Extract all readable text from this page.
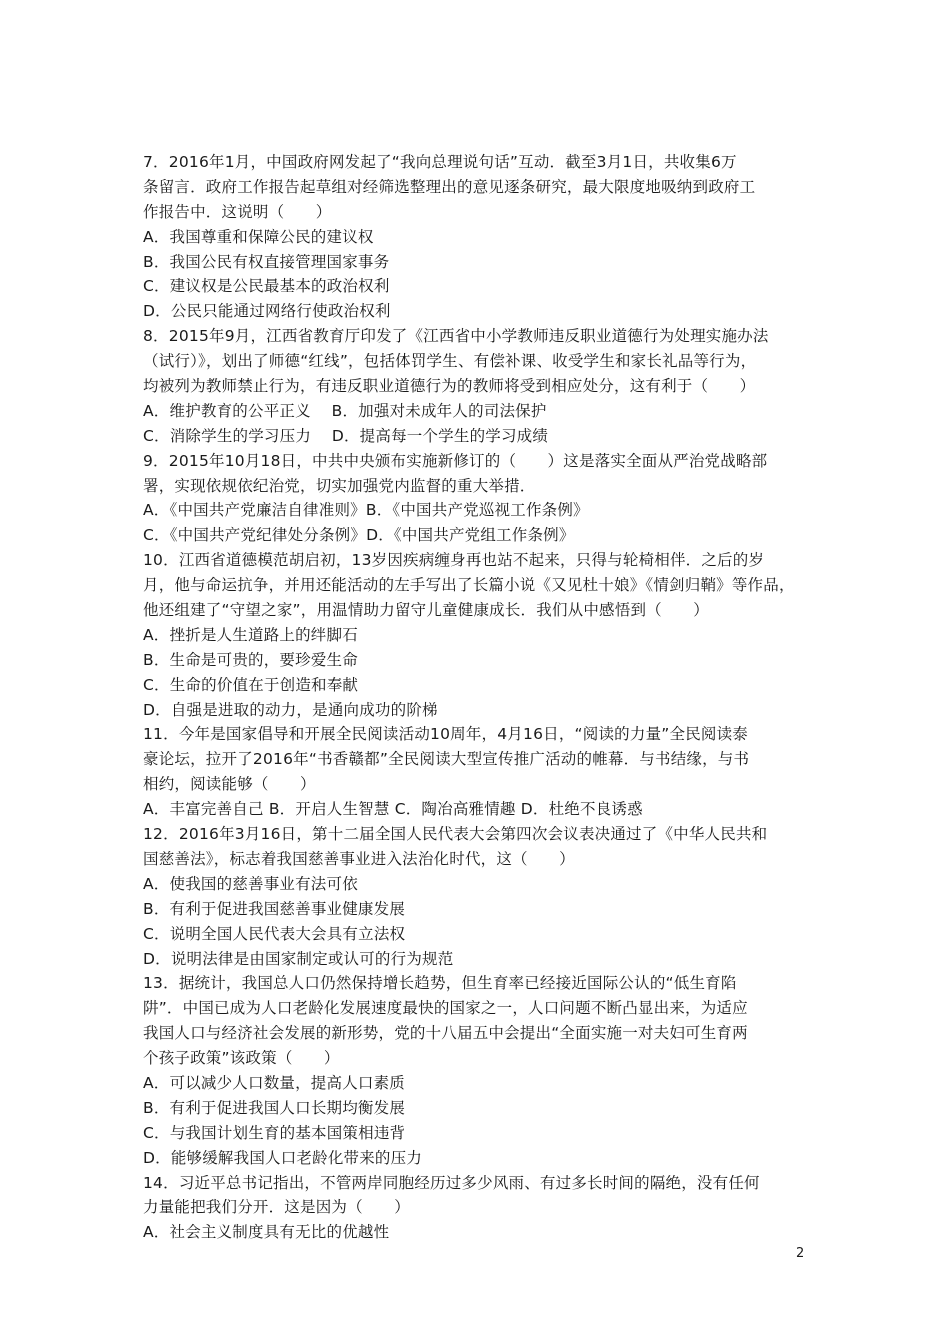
7．2016年1月，中国政府网发起了“我向总理说句话”互动．截至3月1日，共收集6万
条留言．政府工作报告起草组对经筛选整理出的意见逐条研究，最大限度地吸纳到政府工
作报告中．这说明（　　）
A．我国尊重和保障公民的建议权
B．我国公民有权直接管理国家事务
C．建议权是公民最基本的政治权利
D．公民只能通过网络行使政治权利
8．2015年9月，江西省教育厅印发了《江西省中小学教师违反职业道德行为处理实施办法
（试行）》，划出了师德“红线”，包括体罚学生、有偿补课、收受学生和家长礼品等行为，
均被列为教师禁止行为，有违反职业道德行为的教师将受到相应处分，这有利于（　　）
A．维护教育的公平正义　 B．加强对未成年人的司法保护
C．消除学生的学习压力　 D．提高每一个学生的学习成绩
9．2015年10月18日，中共中央颁布实施新修订的（　　）这是落实全面从严治党战略部
署，实现依规依纪治党，切实加强党内监督的重大举措．
A．《中国共产党廉洁自律准则》B．《中国共产党巡视工作条例》
C．《中国共产党纪律处分条例》D．《中国共产党组工作条例》
10．江西省道德模范胡启初，13岁因疾病缠身再也站不起来，只得与轮椅相伴．之后的岁
月，他与命运抗争，并用还能活动的左手写出了长篇小说《又见杜十娘》《情剑归鞘》等作品，
他还组建了“守望之家”，用温情助力留守儿童健康成长．我们从中感悟到（　　）
A．挫折是人生道路上的绊脚石
B．生命是可贵的，要珍爱生命
C．生命的价值在于创造和奉献
D．自强是进取的动力，是通向成功的阶梯
11．今年是国家倡导和开展全民阅读活动10周年，4月16日，“阅读的力量”全民阅读泰
豪论坛，拉开了2016年“书香赣都”全民阅读大型宣传推广活动的帷幕．与书结缘，与书
相约，阅读能够（　　）
A．丰富完善自己 B．开启人生智慧 C．陶冶高雅情趣 D．杜绝不良诱惑
12．2016年3月16日，第十二届全国人民代表大会第四次会议表决通过了《中华人民共和
国慈善法》，标志着我国慈善事业进入法治化时代，这（　　）
A．使我国的慈善事业有法可依
B．有利于促进我国慈善事业健康发展
C．说明全国人民代表大会具有立法权
D．说明法律是由国家制定或认可的行为规范
13．据统计，我国总人口仍然保持增长趋势，但生育率已经接近国际公认的“低生育陷
阱”．中国已成为人口老龄化发展速度最快的国家之一，人口问题不断凸显出来，为适应
我国人口与经济社会发展的新形势，党的十八届五中会提出“全面实施一对夫妇可生育两
个孩子政策”该政策（　　）
A．可以减少人口数量，提高人口素质
B．有利于促进我国人口长期均衡发展
C．与我国计划生育的基本国策相违背
D．能够缓解我国人口老龄化带来的压力
14．习近平总书记指出，不管两岸同胞经历过多少风雨、有过多长时间的隔绝，没有任何
力量能把我们分开．这是因为（　　）
A．社会主义制度具有无比的优越性
2
